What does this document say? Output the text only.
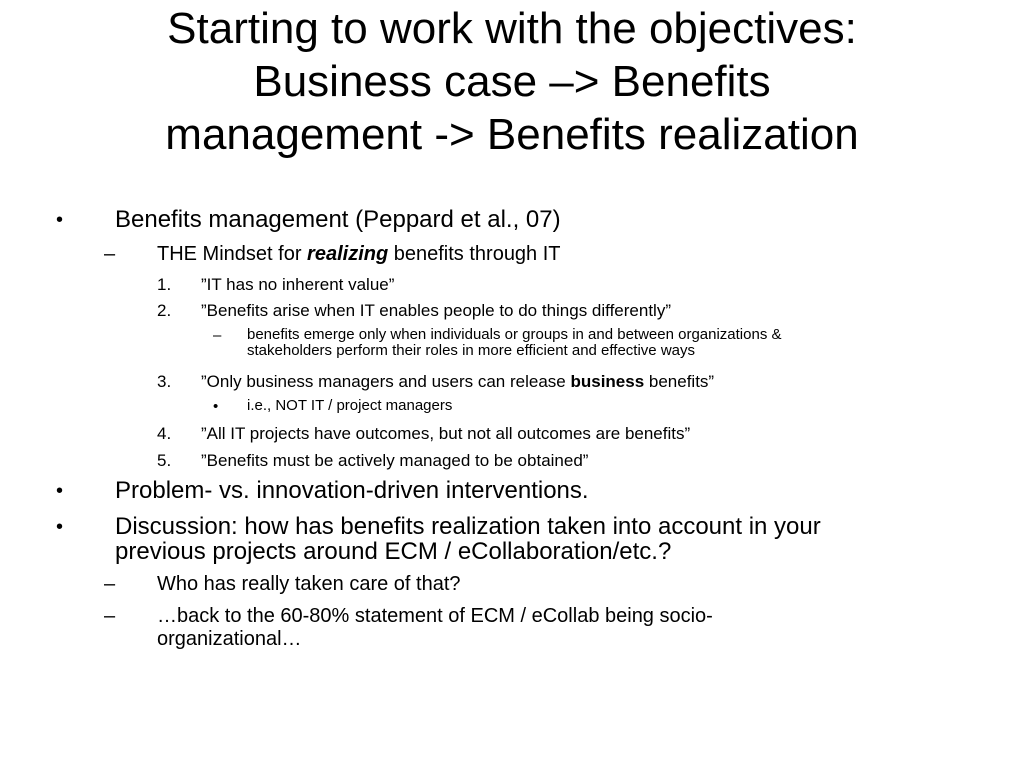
Starting to work with the objectives:
Business case –> Benefits
management -> Benefits realization
• Benefits management (Peppard et al., 07)
– THE Mindset for realizing benefits through IT
1. ”IT has no inherent value”
2. ”Benefits arise when IT enables people to do things differently”
– benefits emerge only when individuals or groups in and between organizations &
stakeholders perform their roles in more efficient and effective ways
3. ”Only business managers and users can release business benefits”
• i.e., NOT IT / project managers
4. ”All IT projects have outcomes, but not all outcomes are benefits”
5. ”Benefits must be actively managed to be obtained”
• Problem- vs. innovation-driven interventions.
• Discussion: how has benefits realization taken into account in your
previous projects around ECM / eCollaboration/etc.?
– Who has really taken care of that?
– …back to the 60-80% statement of ECM / eCollab being socio-
organizational…
